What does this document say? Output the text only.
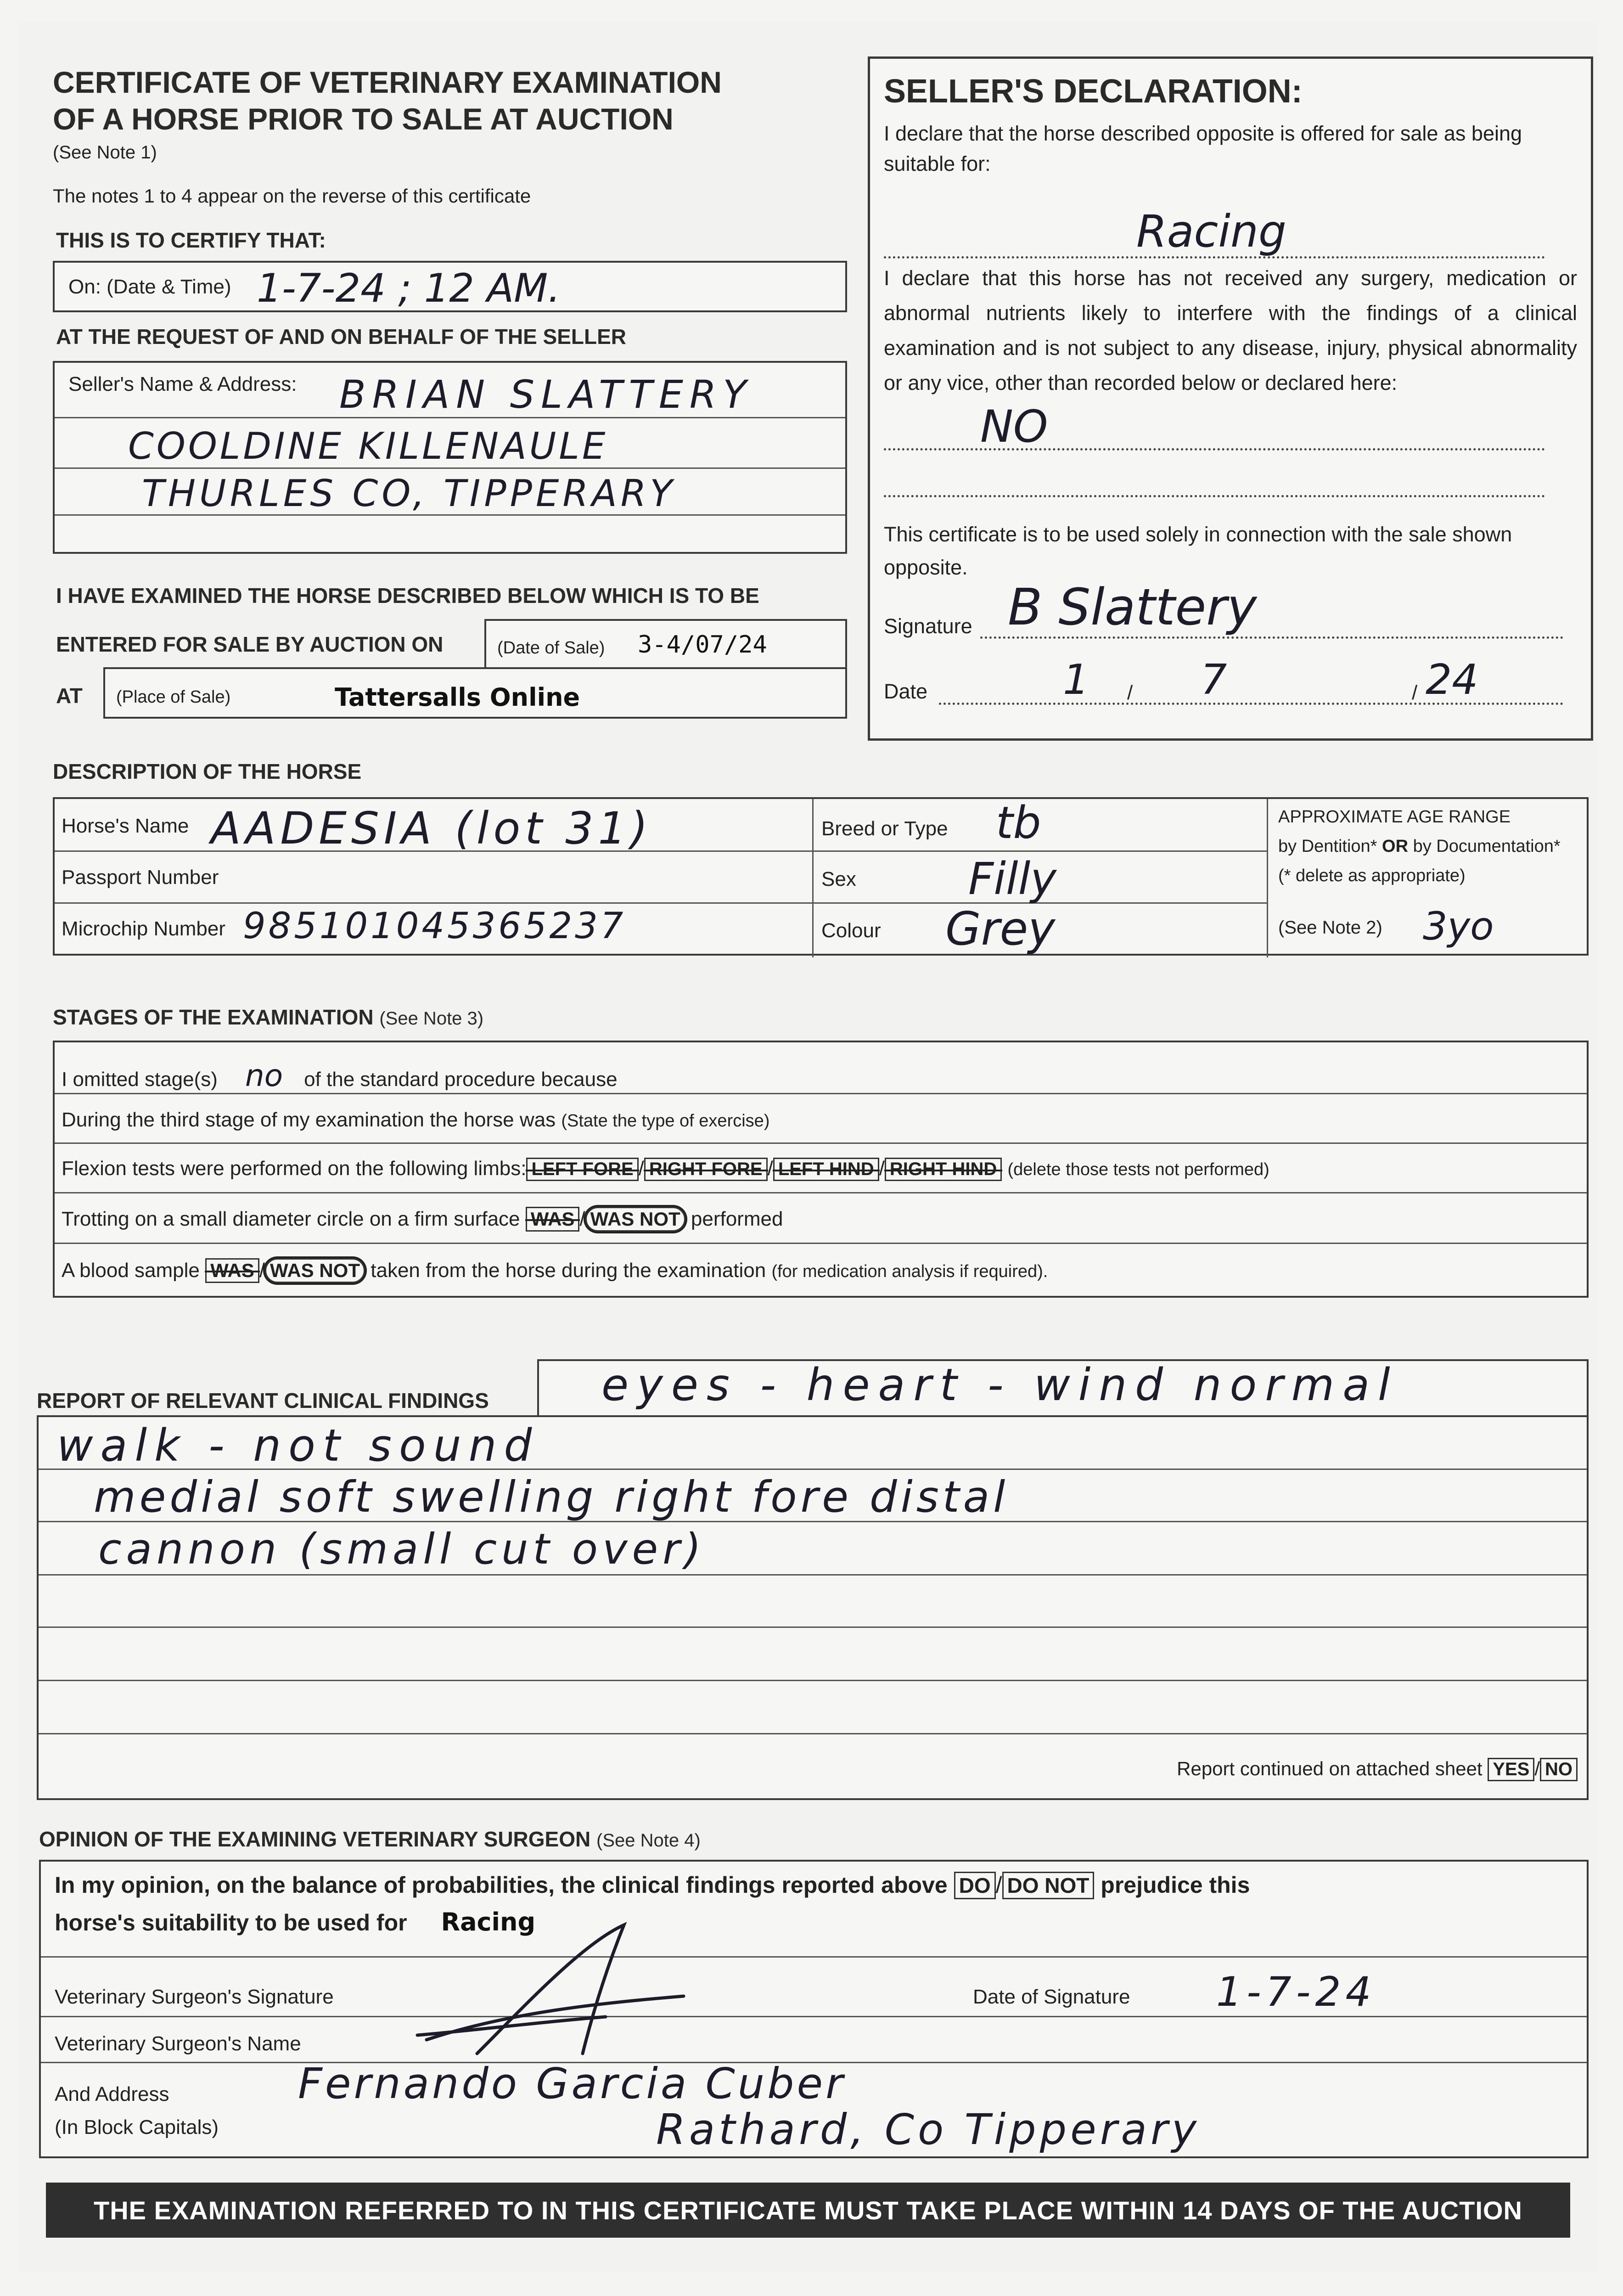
CERTIFICATE OF VETERINARY EXAMINATION
OF A HORSE PRIOR TO SALE AT AUCTION
(See Note 1)
The notes 1 to 4 appear on the reverse of this certificate
THIS IS TO CERTIFY THAT:
On: (Date & Time) 1-7-24 ; 12 AM.
AT THE REQUEST OF AND ON BEHALF OF THE SELLER
Seller's Name & Address: BRIAN SLATTERY
COOLDINE KILLENAULE
THURLES CO, TIPPERARY
I HAVE EXAMINED THE HORSE DESCRIBED BELOW WHICH IS TO BE
ENTERED FOR SALE BY AUCTION ON	(Date of Sale) 3-4/07/24
AT (Place of Sale)	Tattersalls Online
SELLER'S DECLARATION:
I declare that the horse described opposite is offered for sale as being suitable for:
Racing
I declare that this horse has not received any surgery, medication or abnormal nutrients likely to interfere with the findings of a clinical examination and is not subject to any disease, injury, physical abnormality or any vice, other than recorded below or declared here:
NO
This certificate is to be used solely in connection with the sale shown opposite.
Signature B Slattery
Date	1 / 7	/ 24
DESCRIPTION OF THE HORSE
Horse's Name AADESIA (lot 31)
Passport Number
Microchip Number 985101045365237
Breed or Type tb
Sex	Filly
Colour Grey
APPROXIMATE AGE RANGE
by Dentition* OR by Documentation*
(* delete as appropriate)
(See Note 2) 3yo
STAGES OF THE EXAMINATION (See Note 3)
I omitted stage(s) no of the standard procedure because
During the third stage of my examination the horse was (State the type of exercise)
Flexion tests were performed on the following limbs: LEFT FORE / RIGHT FORE / LEFT HIND / RIGHT HIND (delete those tests not performed)
Trotting on a small diameter circle on a firm surface WAS / WAS NOT performed
A blood sample WAS / WAS NOT taken from the horse during the examination (for medication analysis if required).
REPORT OF RELEVANT CLINICAL FINDINGS
walk - not sound
medial soft swelling right fore distal
cannon (small cut over)
Report continued on attached sheet YES / NO
eyes - heart - wind normal
OPINION OF THE EXAMINING VETERINARY SURGEON (See Note 4)
In my opinion, on the balance of probabilities, the clinical findings reported above DO / DO NOT prejudice this
horse's suitability to be used for Racing
Veterinary Surgeon's Signature	Date of Signature 1-7-24
Veterinary Surgeon's Name
And Address
(In Block Capitals)
Fernando Garcia Cuber
Rathard, Co Tipperary
THE EXAMINATION REFERRED TO IN THIS CERTIFICATE MUST TAKE PLACE WITHIN 14 DAYS OF THE AUCTION
